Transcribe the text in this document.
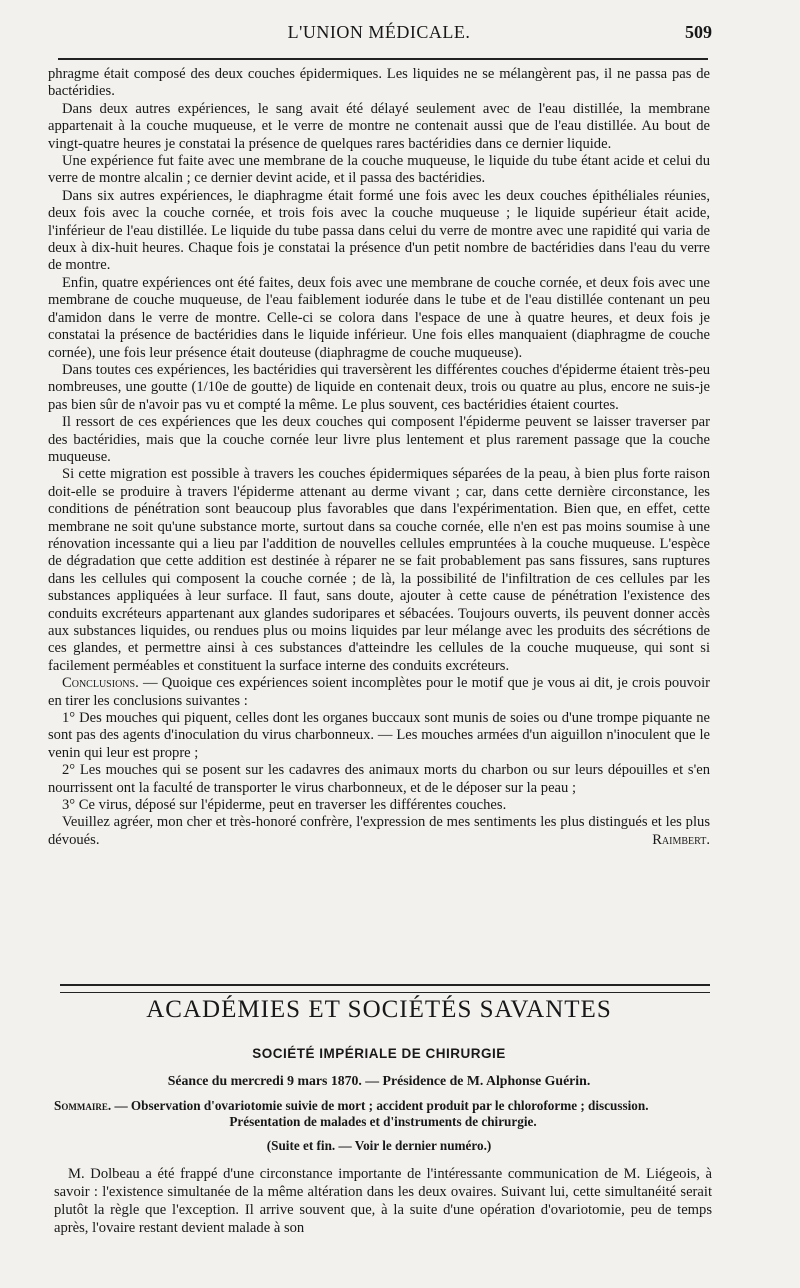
L'UNION MÉDICALE.	509

phragme était composé des deux couches épidermiques. Les liquides ne se mélangèrent pas, il ne passa pas de bactéridies.

Dans deux autres expériences, le sang avait été délayé seulement avec de l'eau distillée, la membrane appartenait à la couche muqueuse, et le verre de montre ne contenait aussi que de l'eau distillée. Au bout de vingt-quatre heures je constatai la présence de quelques rares bactéridies dans ce dernier liquide.

Une expérience fut faite avec une membrane de la couche muqueuse, le liquide du tube étant acide et celui du verre de montre alcalin ; ce dernier devint acide, et il passa des bactéridies.

Dans six autres expériences, le diaphragme était formé une fois avec les deux couches épithéliales réunies, deux fois avec la couche cornée, et trois fois avec la couche muqueuse ; le liquide supérieur était acide, l'inférieur de l'eau distillée. Le liquide du tube passa dans celui du verre de montre avec une rapidité qui varia de deux à dix-huit heures. Chaque fois je constatai la présence d'un petit nombre de bactéridies dans l'eau du verre de montre.

Enfin, quatre expériences ont été faites, deux fois avec une membrane de couche cornée, et deux fois avec une membrane de couche muqueuse, de l'eau faiblement iodurée dans le tube et de l'eau distillée contenant un peu d'amidon dans le verre de montre. Celle-ci se colora dans l'espace de une à quatre heures, et deux fois je constatai la présence de bactéridies dans le liquide inférieur. Une fois elles manquaient (diaphragme de couche cornée), une fois leur présence était douteuse (diaphragme de couche muqueuse).

Dans toutes ces expériences, les bactéridies qui traversèrent les différentes couches d'épiderme étaient très-peu nombreuses, une goutte (1/10e de goutte) de liquide en contenait deux, trois ou quatre au plus, encore ne suis-je pas bien sûr de n'avoir pas vu et compté la même. Le plus souvent, ces bactéridies étaient courtes.

Il ressort de ces expériences que les deux couches qui composent l'épiderme peuvent se laisser traverser par des bactéridies, mais que la couche cornée leur livre plus lentement et plus rarement passage que la couche muqueuse.

Si cette migration est possible à travers les couches épidermiques séparées de la peau, à bien plus forte raison doit-elle se produire à travers l'épiderme attenant au derme vivant ; car, dans cette dernière circonstance, les conditions de pénétration sont beaucoup plus favorables que dans l'expérimentation. Bien que, en effet, cette membrane ne soit qu'une substance morte, surtout dans sa couche cornée, elle n'en est pas moins soumise à une rénovation incessante qui a lieu par l'addition de nouvelles cellules empruntées à la couche muqueuse. L'espèce de dégradation que cette addition est destinée à réparer ne se fait probablement pas sans fissures, sans ruptures dans les cellules qui composent la couche cornée ; de là, la possibilité de l'infiltration de ces cellules par les substances appliquées à leur surface. Il faut, sans doute, ajouter à cette cause de pénétration l'existence des conduits excréteurs appartenant aux glandes sudoripares et sébacées. Toujours ouverts, ils peuvent donner accès aux substances liquides, ou rendues plus ou moins liquides par leur mélange avec les produits des sécrétions de ces glandes, et permettre ainsi à ces substances d'atteindre les cellules de la couche muqueuse, qui sont si facilement perméables et constituent la surface interne des conduits excréteurs.

Conclusions. — Quoique ces expériences soient incomplètes pour le motif que je vous ai dit, je crois pouvoir en tirer les conclusions suivantes :

1° Des mouches qui piquent, celles dont les organes buccaux sont munis de soies ou d'une trompe piquante ne sont pas des agents d'inoculation du virus charbonneux. — Les mouches armées d'un aiguillon n'inoculent que le venin qui leur est propre ;

2° Les mouches qui se posent sur les cadavres des animaux morts du charbon ou sur leurs dépouilles et s'en nourrissent ont la faculté de transporter le virus charbonneux, et de le déposer sur la peau ;

3° Ce virus, déposé sur l'épiderme, peut en traverser les différentes couches.

Veuillez agréer, mon cher et très-honoré confrère, l'expression de mes sentiments les plus distingués et les plus dévoués.	Raimbert.

ACADÉMIES ET SOCIÉTÉS SAVANTES
SOCIÉTÉ IMPÉRIALE DE CHIRURGIE
Séance du mercredi 9 mars 1870. — Présidence de M. Alphonse Guérin.
Sommaire. — Observation d'ovariotomie suivie de mort ; accident produit par le chloroforme ; discussion.
Présentation de malades et d'instruments de chirurgie.
(Suite et fin. — Voir le dernier numéro.)

M. Dolbeau a été frappé d'une circonstance importante de l'intéressante communication de M. Liégeois, à savoir : l'existence simultanée de la même altération dans les deux ovaires. Suivant lui, cette simultanéité serait plutôt la règle que l'exception. Il arrive souvent que, à la suite d'une opération d'ovariotomie, peu de temps après, l'ovaire restant devient malade à son
